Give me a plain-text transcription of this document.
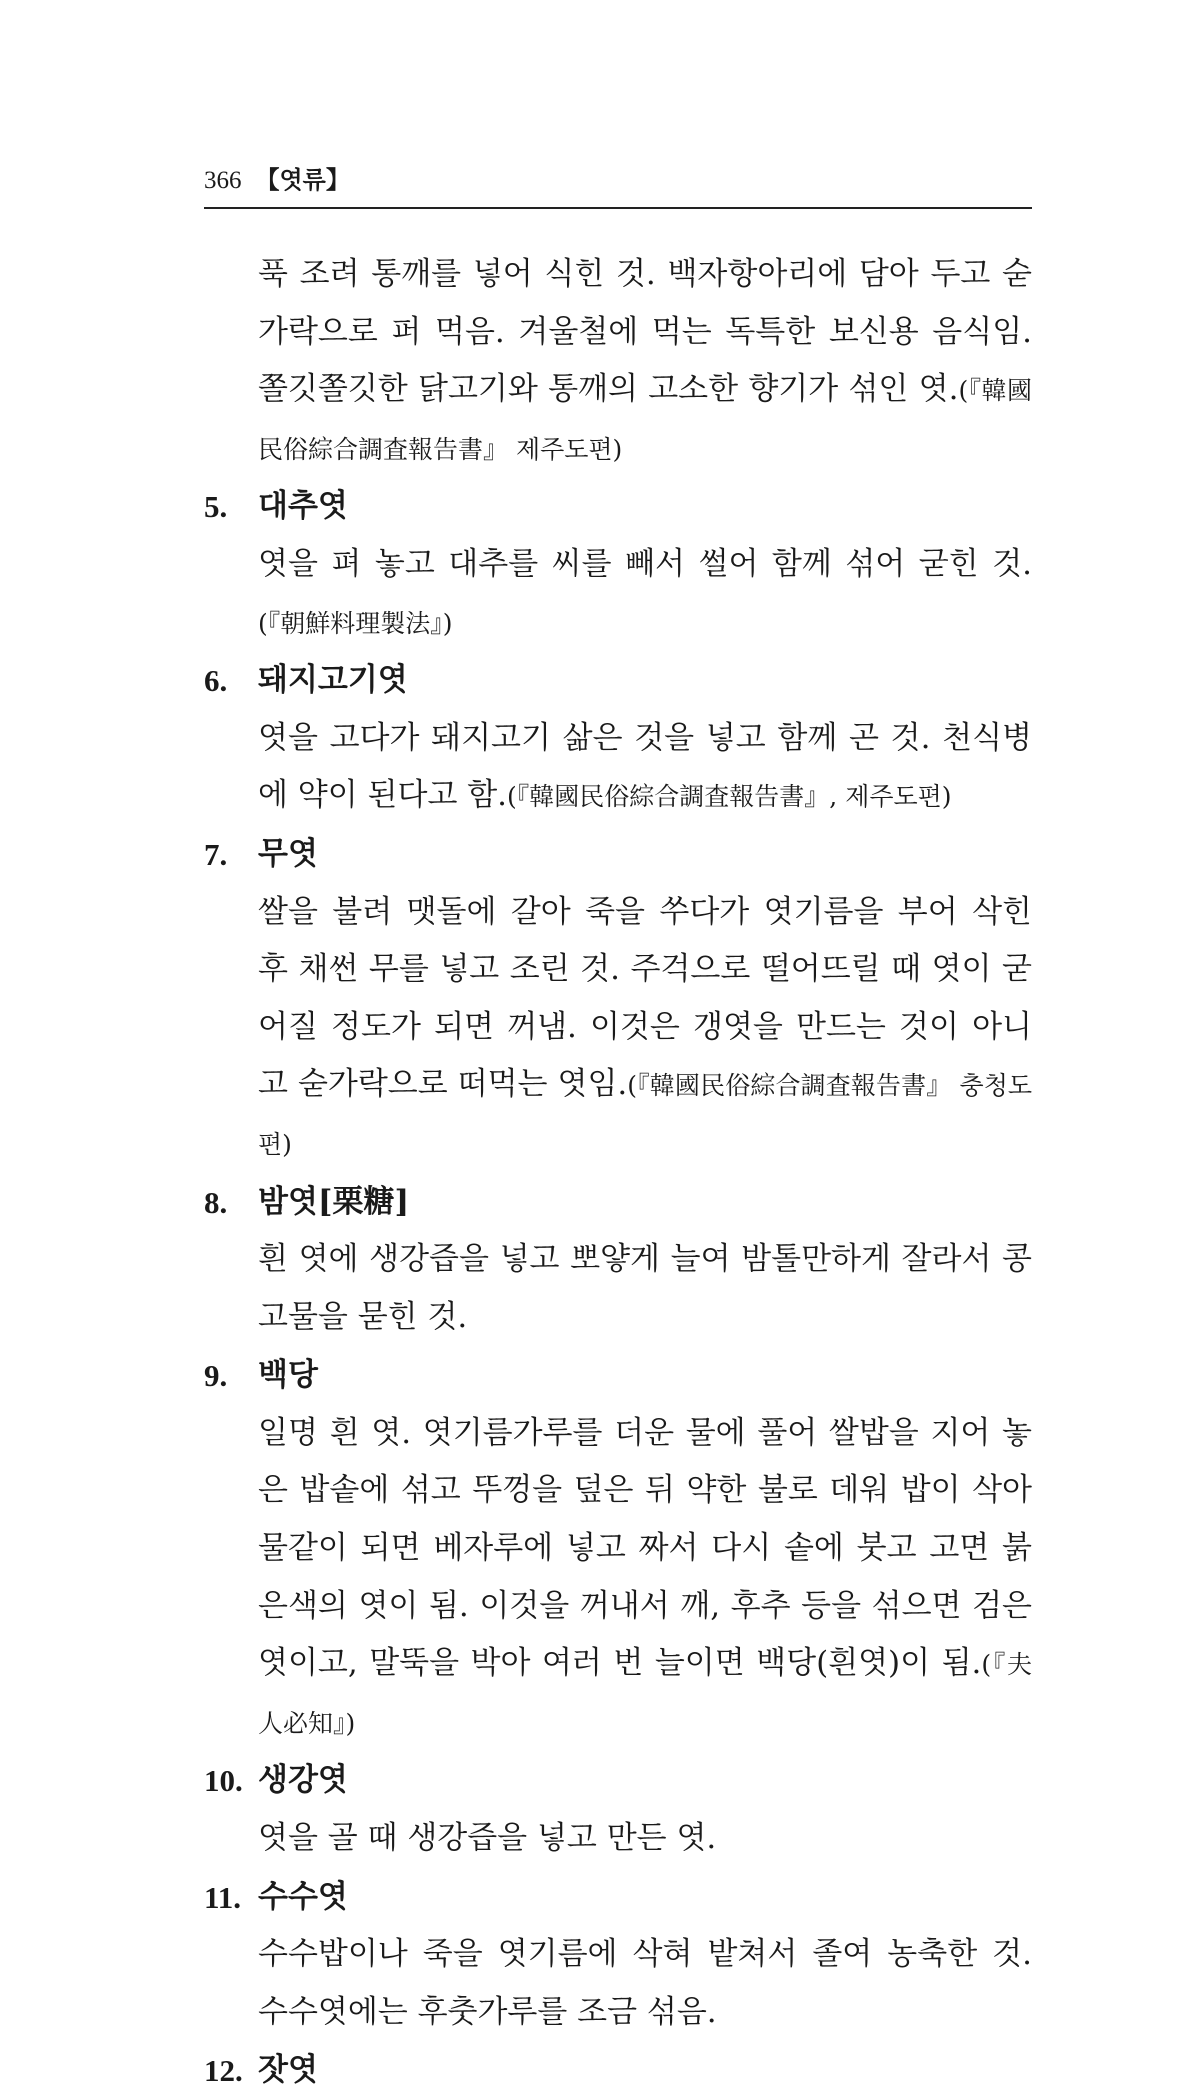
366 【엿류】

푹 조려 통깨를 넣어 식힌 것. 백자항아리에 담아 두고 숟가락으로 퍼 먹음. 겨울철에 먹는 독특한 보신용 음식임. 쫄깃쫄깃한 닭고기와 통깨의 고소한 향기가 섞인 엿.(『韓國民俗綜合調査報告書』 제주도편)

5. 대추엿

엿을 펴 놓고 대추를 씨를 빼서 썰어 함께 섞어 굳힌 것.(『朝鮮料理製法』)

6. 돼지고기엿

엿을 고다가 돼지고기 삶은 것을 넣고 함께 곤 것. 천식병에 약이 된다고 함.(『韓國民俗綜合調査報告書』, 제주도편)

7. 무엿

쌀을 불려 맷돌에 갈아 죽을 쑤다가 엿기름을 부어 삭힌 후 채썬 무를 넣고 조린 것. 주걱으로 떨어뜨릴 때 엿이 굳어질 정도가 되면 꺼냄. 이것은 갱엿을 만드는 것이 아니고 숟가락으로 떠먹는 엿임.(『韓國民俗綜合調査報告書』 충청도편)

8. 밤엿[栗糖]

흰 엿에 생강즙을 넣고 뽀얗게 늘여 밤톨만하게 잘라서 콩고물을 묻힌 것.

9. 백당

일명 흰 엿. 엿기름가루를 더운 물에 풀어 쌀밥을 지어 놓은 밥솥에 섞고 뚜껑을 덮은 뒤 약한 불로 데워 밥이 삭아 물같이 되면 베자루에 넣고 짜서 다시 솥에 붓고 고면 붉은색의 엿이 됨. 이것을 꺼내서 깨, 후추 등을 섞으면 검은 엿이고, 말뚝을 박아 여러 번 늘이면 백당(흰엿)이 됨.(『夫人必知』)

10. 생강엿

엿을 골 때 생강즙을 넣고 만든 엿.

11. 수수엿

수수밥이나 죽을 엿기름에 삭혀 밭쳐서 졸여 농축한 것. 수수엿에는 후춧가루를 조금 섞음.

12. 잣엿
